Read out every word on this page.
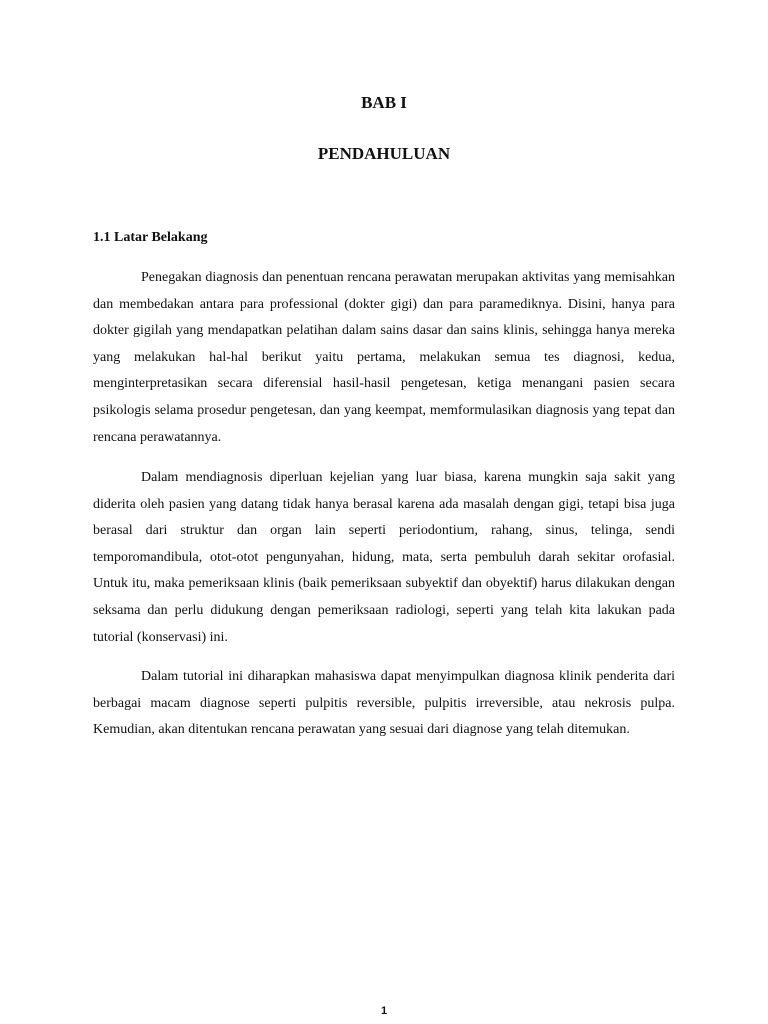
BAB I
PENDAHULUAN
1.1 Latar Belakang

Penegakan diagnosis dan penentuan rencana perawatan merupakan aktivitas yang memisahkan dan membedakan antara para professional (dokter gigi) dan para paramediknya. Disini, hanya para dokter gigilah yang mendapatkan pelatihan dalam sains dasar dan sains klinis, sehingga hanya mereka yang melakukan hal-hal berikut yaitu pertama, melakukan semua tes diagnosi, kedua, menginterpretasikan secara diferensial hasil-hasil pengetesan, ketiga menangani pasien secara psikologis selama prosedur pengetesan, dan yang keempat, memformulasikan diagnosis yang tepat dan rencana perawatannya.

Dalam mendiagnosis diperluan kejelian yang luar biasa, karena mungkin saja sakit yang diderita oleh pasien yang datang tidak hanya berasal karena ada masalah dengan gigi, tetapi bisa juga berasal dari struktur dan organ lain seperti periodontium, rahang, sinus, telinga, sendi temporomandibula, otot-otot pengunyahan, hidung, mata, serta pembuluh darah sekitar orofasial. Untuk itu, maka pemeriksaan klinis (baik pemeriksaan subyektif dan obyektif) harus dilakukan dengan seksama dan perlu didukung dengan pemeriksaan radiologi, seperti yang telah kita lakukan pada tutorial (konservasi) ini.

Dalam tutorial ini diharapkan mahasiswa dapat menyimpulkan diagnosa klinik penderita dari berbagai macam diagnose seperti pulpitis reversible, pulpitis irreversible, atau nekrosis pulpa. Kemudian, akan ditentukan rencana perawatan yang sesuai dari diagnose yang telah ditemukan.

1
